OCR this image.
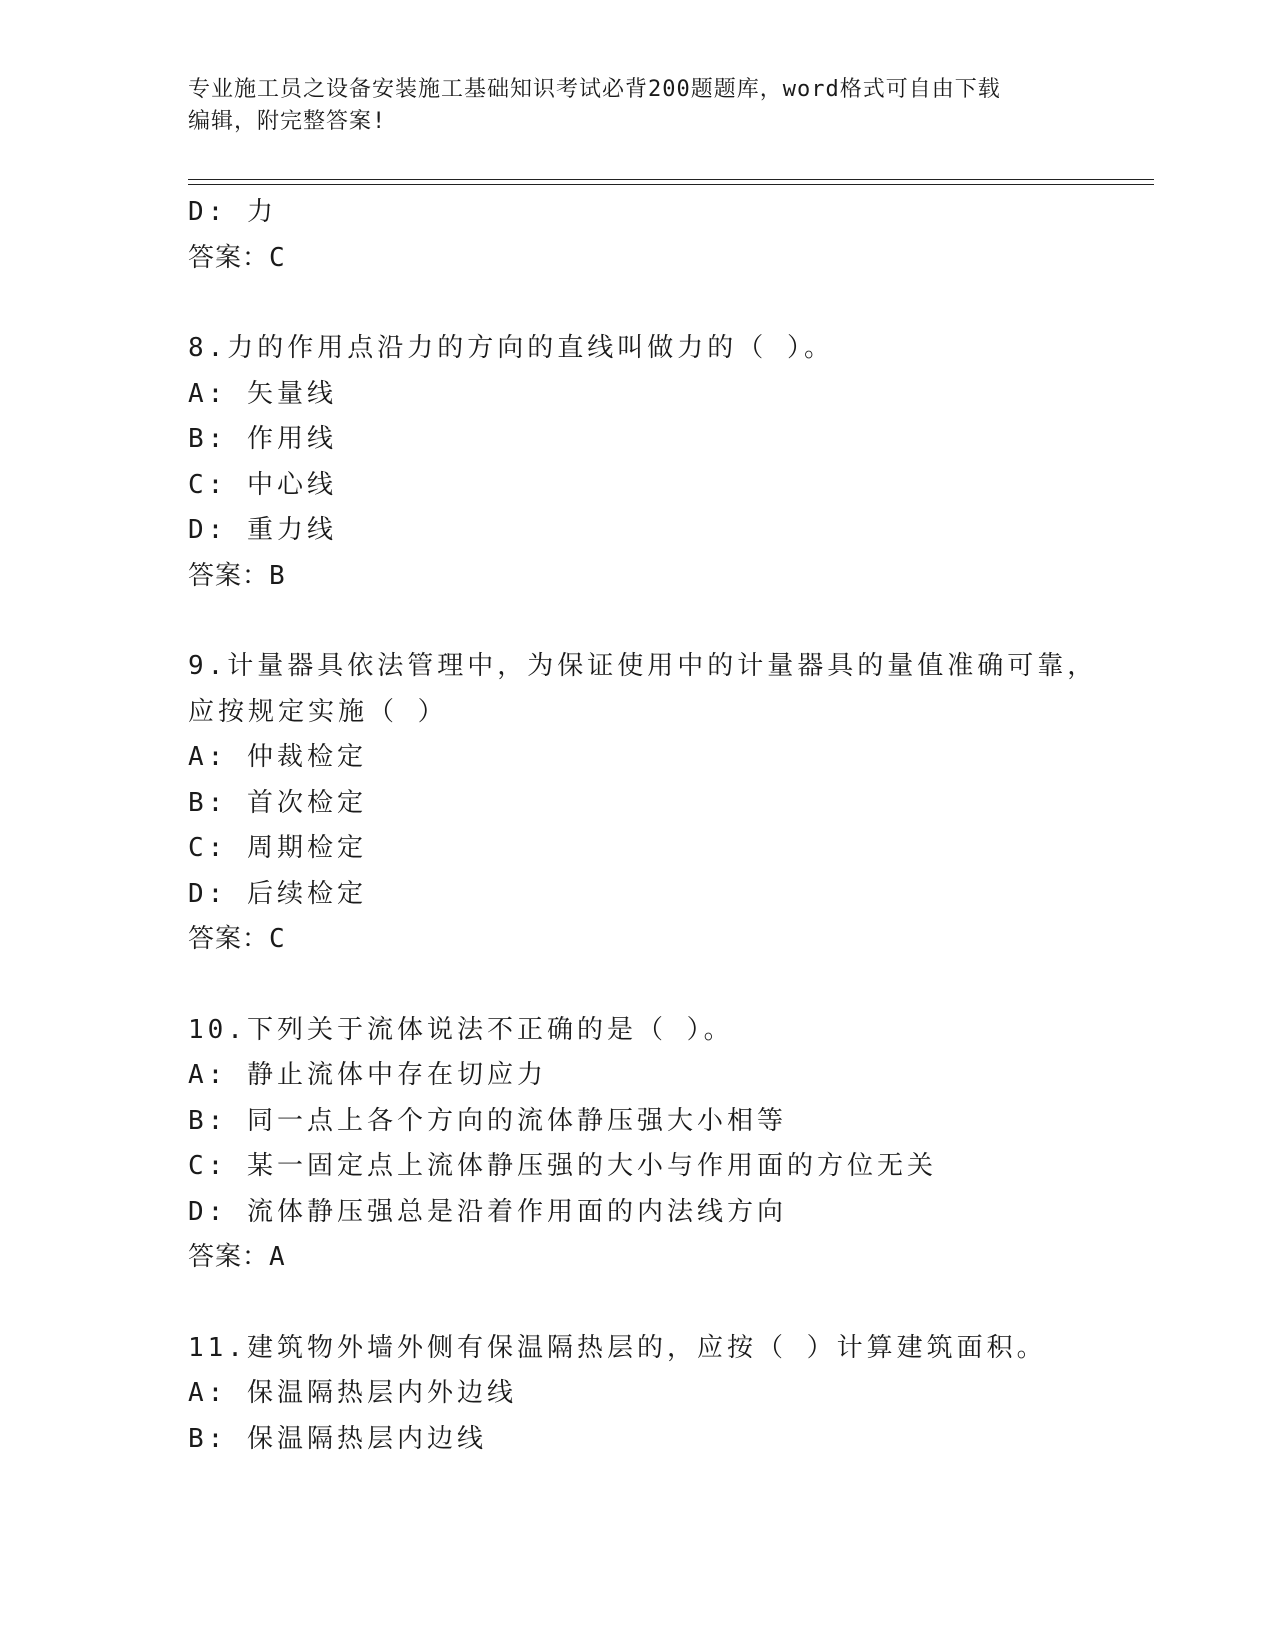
专业施工员之设备安装施工基础知识考试必背200题题库，word格式可自由下载
编辑，附完整答案!
D: 力
答案：C
8.力的作用点沿力的方向的直线叫做力的（ ）。
A: 矢量线
B: 作用线
C: 中心线
D: 重力线
答案：B
9.计量器具依法管理中，为保证使用中的计量器具的量值准确可靠，
应按规定实施（ ）
A: 仲裁检定
B: 首次检定
C: 周期检定
D: 后续检定
答案：C
10.下列关于流体说法不正确的是（ ）。
A: 静止流体中存在切应力
B: 同一点上各个方向的流体静压强大小相等
C: 某一固定点上流体静压强的大小与作用面的方位无关
D: 流体静压强总是沿着作用面的内法线方向
答案：A
11.建筑物外墙外侧有保温隔热层的，应按（ ）计算建筑面积。
A: 保温隔热层内外边线
B: 保温隔热层内边线
